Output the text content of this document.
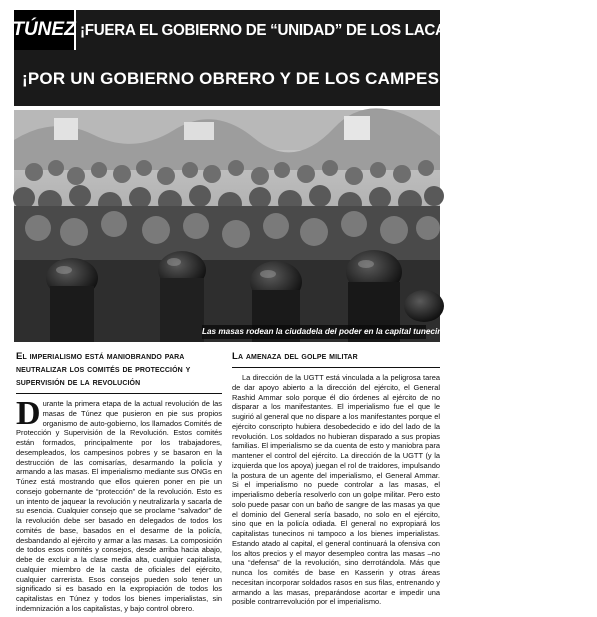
TÚNEZ ¡FUERA EL GOBIERNO DE “UNIDAD” DE LOS LACAYOS IMPERIALISTAS!
¡POR UN GOBIERNO OBRERO Y DE LOS CAMPESINOS POBRES!
Las masas rodean la ciudadela del poder en la capital tunecina
El imperialismo está maniobrando para neutralizar los comités de protección y supervisión de la revolución

Durante la primera etapa de la actual revolución de las masas de Túnez que pusieron en pie sus propios organismo de auto-gobierno, los llamados Comités de Protección y Supervisión de la Revolución. Estos comités están formados, principalmente por los trabajadores, desempleados, los campesinos pobres y se basaron en la destrucción de las comisarías, desarmando la policía y armando a las masas. El imperialismo mediante sus ONGs en Túnez está mostrando que ellos quieren poner en pie un consejo gobernante de “protección” de la revolución. Esto es un intento de jaquear la revolución y neutralizarla y sacarla de su esencia. Cualquier consejo que se proclame “salvador” de la revolución debe ser basado en delegados de todos los comités de base, basados en el desarme de la policía, desbandando al ejército y armar a las masas. La composición de todos esos comités y consejos, desde arriba hacia abajo, debe de excluir a la clase media alta, cualquier capitalista, cualquier miembro de la casta de oficiales del ejército, cualquier carrerista. Esos consejos pueden solo tener un significado si es basado en la expropiación de todos los capitalistas en Túnez y todos los bienes imperialistas, sin indemnización a los capitalistas, y bajo control obrero.

La amenaza del golpe militar

La dirección de la UGTT está vinculada a la peligrosa tarea de dar apoyo abierto a la dirección del ejército, el General Rashid Ammar solo porque él dio órdenes al ejército de no disparar a los manifestantes. El imperialismo fue el que le sugirió al general que no dispare a los manifestantes porque el ejército conscripto hubiera desobedecido e ido del lado de la revolución. Los soldados no hubieran disparado a sus propias familias. El imperialismo se da cuenta de esto y maniobra para mantener el control del ejército. La dirección de la UGTT (y la izquierda que los apoya) juegan el rol de traidores, impulsando la postura de un agente del imperialismo, el General Ammar. Si el imperialismo no puede controlar a las masas, el imperialismo debería resolverlo con un golpe militar. Pero esto solo puede pasar con un baño de sangre de las masas ya que el dominio del General sería basado, no solo en el ejército, sino que en la policía odiada. El general no expropiará los capitalistas tunecinos ni tampoco a los bienes imperialistas. Estando atado al capital, el general continuará la ofensiva con los altos precios y el mayor desempleo contra las masas –no una “defensa” de la revolución, sino derrotándola. Más que nunca los comités de base en Kasserin y otras áreas necesitan incorporar soldados rasos en sus filas, entrenando y armando a las masas, preparándose acortar e impedir una posible contrarrevolución por el imperialismo.
